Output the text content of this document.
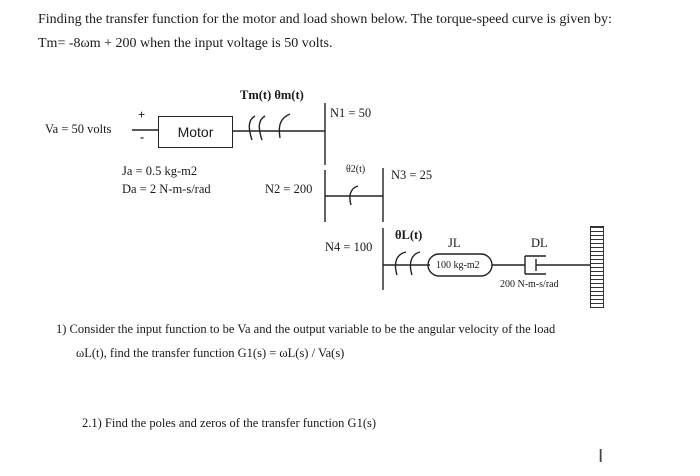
Finding the transfer function for the motor and load shown below. The torque-speed curve is given by:
Tm= -8ωm + 200 when the input voltage is 50 volts.
Motor
Va = 50 volts
+
-
Tm(t) θm(t)
N1 = 50
Ja = 0.5 kg-m2
Da = 2 N-m-s/rad
θ2(t)
N2 = 200
N3 = 25
θL(t)
N4 = 100	JL
100 kg-m2
DL
200 N-m-s/rad
1) Consider the input function to be Va and the output variable to be the angular velocity of the load
ωL(t), find the transfer function G1(s) = ωL(s) / Va(s)
2.1) Find the poles and zeros of the transfer function G1(s)
I
